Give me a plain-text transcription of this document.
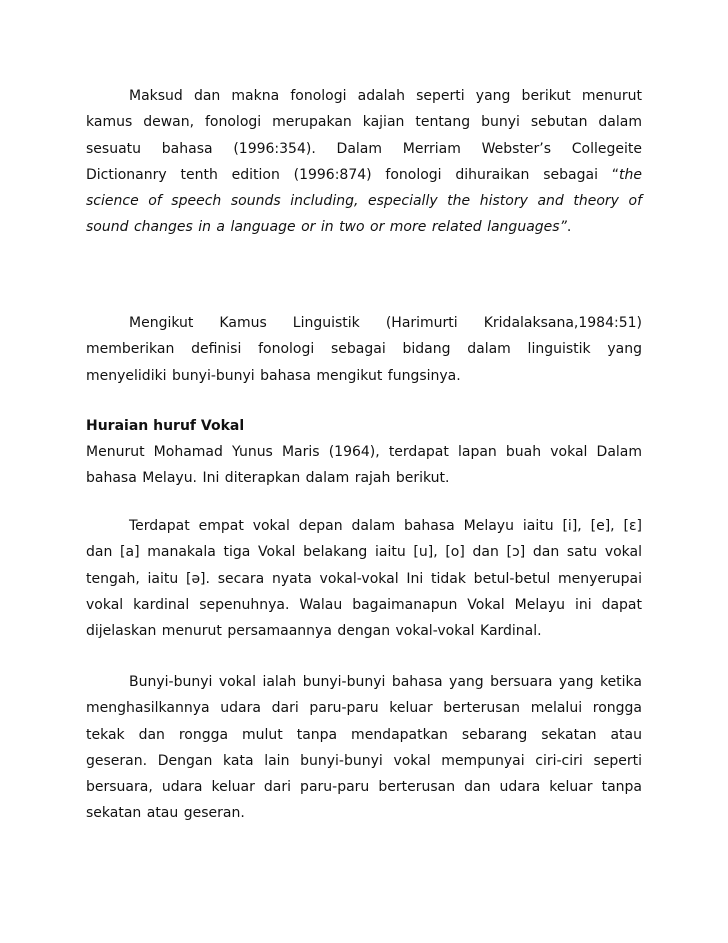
Maksud dan makna fonologi adalah seperti yang berikut menurut

kamus dewan, fonologi merupakan kajian tentang bunyi sebutan dalam

sesuatu bahasa (1996:354). Dalam Merriam Webster’s Collegeite

Dictionanry tenth edition (1996:874) fonologi dihuraikan sebagai “the

science of speech sounds including, especially the history and theory of

sound changes in a language or in two or more related languages”.

Mengikut Kamus Linguistik (Harimurti Kridalaksana,1984:51)

memberikan definisi fonologi sebagai bidang dalam linguistik yang

menyelidiki bunyi-bunyi bahasa mengikut fungsinya.

Huraian huruf Vokal

Menurut Mohamad Yunus Maris (1964), terdapat lapan buah vokal Dalam

bahasa Melayu. Ini diterapkan dalam rajah berikut.

Terdapat empat vokal depan dalam bahasa Melayu iaitu [i], [e], [ɛ]

dan [a] manakala tiga Vokal belakang iaitu [u], [o] dan [ɔ] dan satu vokal

tengah, iaitu [ə]. secara nyata vokal-vokal Ini tidak betul-betul menyerupai

vokal kardinal sepenuhnya. Walau bagaimanapun Vokal Melayu ini dapat

dijelaskan menurut persamaannya dengan vokal-vokal Kardinal.

Bunyi-bunyi vokal ialah bunyi-bunyi bahasa yang bersuara yang ketika

menghasilkannya udara dari paru-paru keluar berterusan melalui rongga

tekak dan rongga mulut tanpa mendapatkan sebarang sekatan atau

geseran. Dengan kata lain bunyi-bunyi vokal mempunyai ciri-ciri seperti

bersuara, udara keluar dari paru-paru berterusan dan udara keluar tanpa

sekatan atau geseran.
